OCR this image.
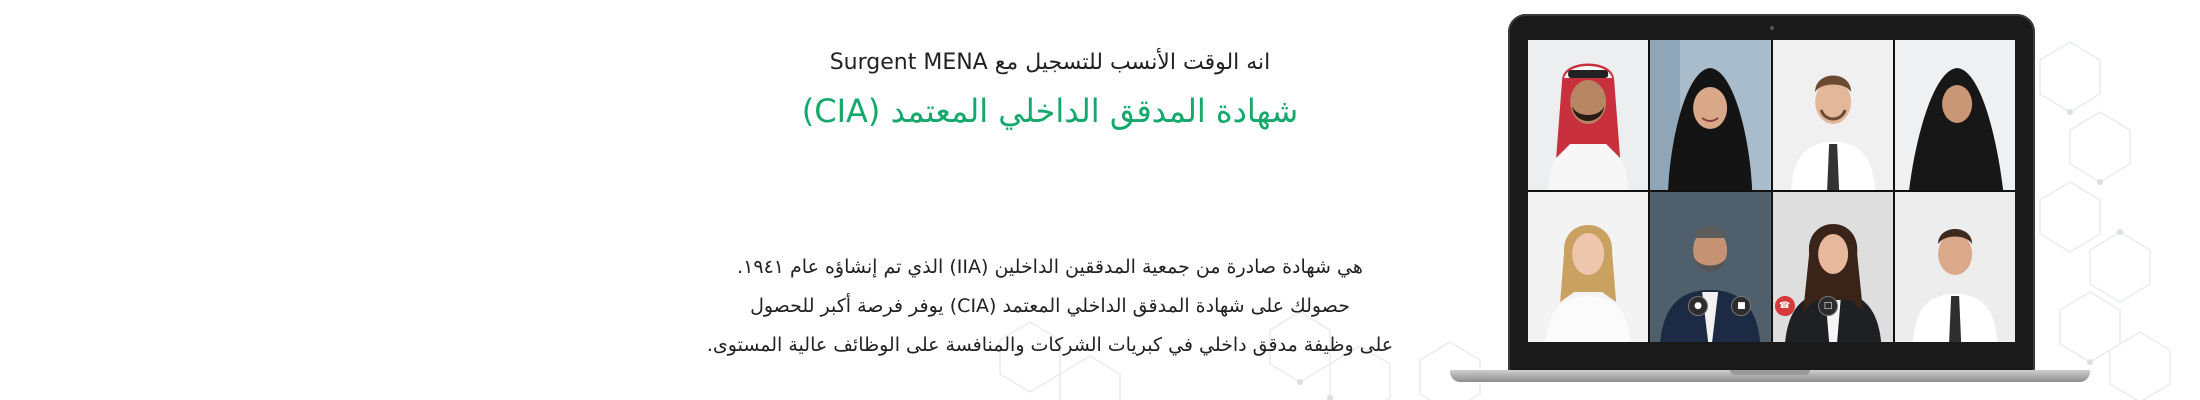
انه الوقت الأنسب للتسجيل مع Surgent MENA
شهادة المدقق الداخلي المعتمد (CIA)
هي شهادة صادرة من جمعية المدققين الداخلين (IIA) الذي تم إنشاؤه عام ١٩٤١.
حصولك على شهادة المدقق الداخلي المعتمد (CIA) يوفر فرصة أكبر للحصول
على وظيفة مدقق داخلي في كبريات الشركات والمنافسة على الوظائف عالية المستوى.
●	■	☎	□
